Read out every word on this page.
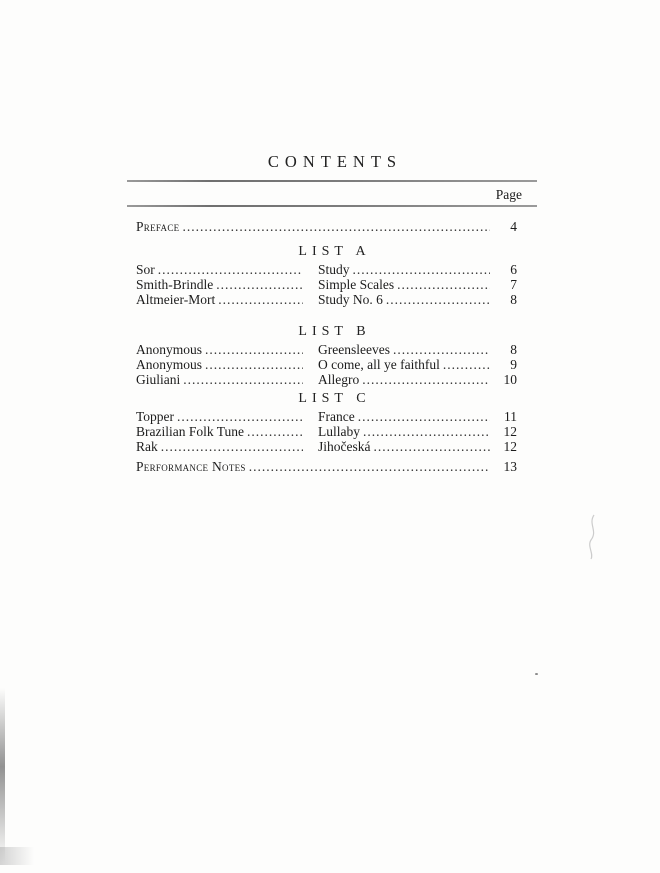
CONTENTS
Page
Preface .....	4
LIST A
Sor .....	Study .....	6
Smith-Brindle .....	Simple Scales .....	7
Altmeier-Mort .....	Study No. 6 .....	8
LIST B
Anonymous .....	Greensleeves .....	8
Anonymous .....	O come, all ye faithful .....	9
Giuliani .....	Allegro .....	10
LIST C
Topper .....	France .....	11
Brazilian Folk Tune .....	Lullaby .....	12
Rak .....	Jihočeská .....	12
Performance Notes .....	13
